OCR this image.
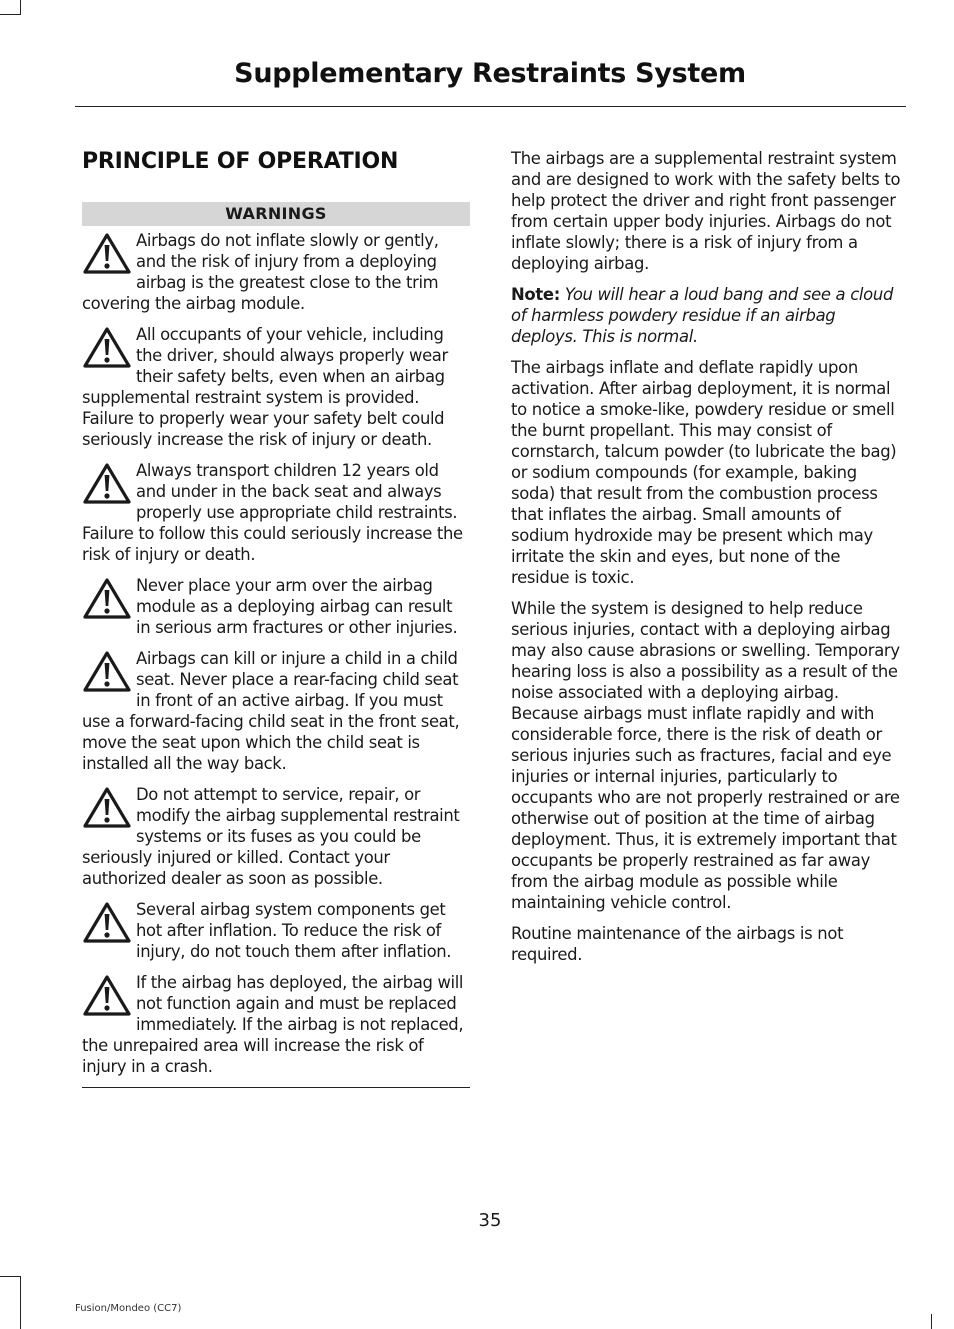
Supplementary Restraints System
PRINCIPLE OF OPERATION
WARNINGS
Airbags do not inflate slowly or gently, and the risk of injury from a deploying airbag is the greatest close to the trim covering the airbag module.
All occupants of your vehicle, including the driver, should always properly wear their safety belts, even when an airbag supplemental restraint system is provided. Failure to properly wear your safety belt could seriously increase the risk of injury or death.
Always transport children 12 years old and under in the back seat and always properly use appropriate child restraints. Failure to follow this could seriously increase the risk of injury or death.
Never place your arm over the airbag module as a deploying airbag can result in serious arm fractures or other injuries.
Airbags can kill or injure a child in a child seat. Never place a rear-facing child seat in front of an active airbag. If you must use a forward-facing child seat in the front seat, move the seat upon which the child seat is installed all the way back.
Do not attempt to service, repair, or modify the airbag supplemental restraint systems or its fuses as you could be seriously injured or killed. Contact your authorized dealer as soon as possible.
Several airbag system components get hot after inflation. To reduce the risk of injury, do not touch them after inflation.
If the airbag has deployed, the airbag will not function again and must be replaced immediately. If the airbag is not replaced, the unrepaired area will increase the risk of injury in a crash.

The airbags are a supplemental restraint system and are designed to work with the safety belts to help protect the driver and right front passenger from certain upper body injuries. Airbags do not inflate slowly; there is a risk of injury from a deploying airbag.

Note: You will hear a loud bang and see a cloud of harmless powdery residue if an airbag deploys. This is normal.

The airbags inflate and deflate rapidly upon activation. After airbag deployment, it is normal to notice a smoke-like, powdery residue or smell the burnt propellant. This may consist of cornstarch, talcum powder (to lubricate the bag) or sodium compounds (for example, baking soda) that result from the combustion process that inflates the airbag. Small amounts of sodium hydroxide may be present which may irritate the skin and eyes, but none of the residue is toxic.

While the system is designed to help reduce serious injuries, contact with a deploying airbag may also cause abrasions or swelling. Temporary hearing loss is also a possibility as a result of the noise associated with a deploying airbag. Because airbags must inflate rapidly and with considerable force, there is the risk of death or serious injuries such as fractures, facial and eye injuries or internal injuries, particularly to occupants who are not properly restrained or are otherwise out of position at the time of airbag deployment. Thus, it is extremely important that occupants be properly restrained as far away from the airbag module as possible while maintaining vehicle control.

Routine maintenance of the airbags is not required.

35
Fusion/Mondeo (CC7)
